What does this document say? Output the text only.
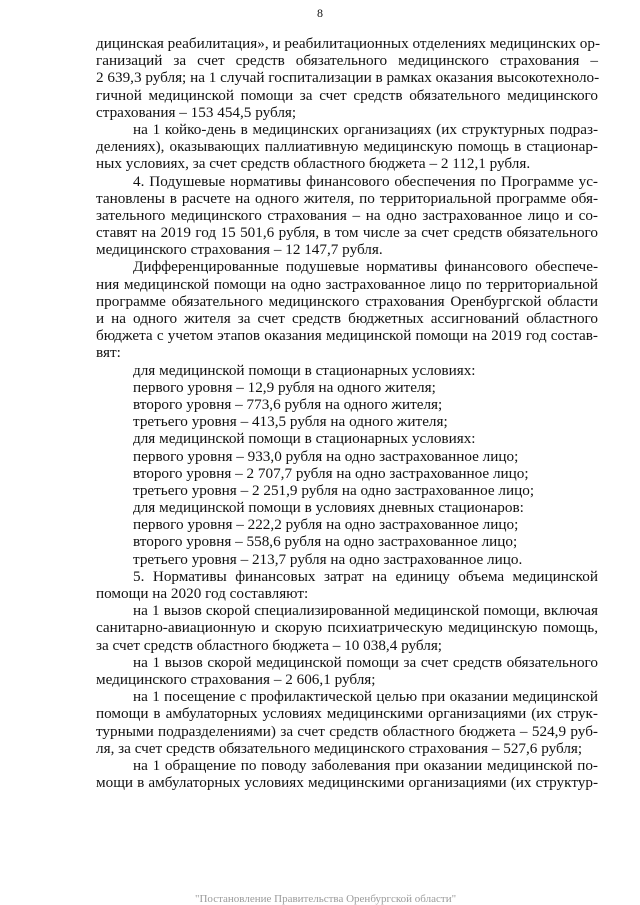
8
дицинская реабилитация», и реабилитационных отделениях медицинских ор-
ганизаций за счет средств обязательного медицинского страхования –
2 639,3 рубля; на 1 случай госпитализации в рамках оказания высокотехноло-
гичной медицинской помощи за счет средств обязательного медицинского
страхования – 153 454,5 рубля;
на 1 койко-день в медицинских организациях (их структурных подраз-
делениях), оказывающих паллиативную медицинскую помощь в стационар-
ных условиях, за счет средств областного бюджета – 2 112,1 рубля.
4. Подушевые нормативы финансового обеспечения по Программе ус-
тановлены в расчете на одного жителя, по территориальной программе обя-
зательного медицинского страхования – на одно застрахованное лицо и со-
ставят на 2019 год 15 501,6 рубля, в том числе за счет средств обязательного
медицинского страхования – 12 147,7 рубля.
Дифференцированные подушевые нормативы финансового обеспече-
ния медицинской помощи на одно застрахованное лицо по территориальной
программе обязательного медицинского страхования Оренбургской области
и на одного жителя за счет средств бюджетных ассигнований областного
бюджета с учетом этапов оказания медицинской помощи на 2019 год состав-
вят:
для медицинской помощи в стационарных условиях:
первого уровня – 12,9 рубля на одного жителя;
второго уровня – 773,6 рубля на одного жителя;
третьего уровня – 413,5 рубля на одного жителя;
для медицинской помощи в стационарных условиях:
первого уровня – 933,0 рубля на одно застрахованное лицо;
второго уровня – 2 707,7 рубля на одно застрахованное лицо;
третьего уровня – 2 251,9 рубля на одно застрахованное лицо;
для медицинской помощи в условиях дневных стационаров:
первого уровня – 222,2 рубля на одно застрахованное лицо;
второго уровня – 558,6 рубля на одно застрахованное лицо;
третьего уровня – 213,7 рубля на одно застрахованное лицо.
5. Нормативы финансовых затрат на единицу объема медицинской
помощи на 2020 год составляют:
на 1 вызов скорой специализированной медицинской помощи, включая
санитарно-авиационную и скорую психиатрическую медицинскую помощь,
за счет средств областного бюджета – 10 038,4 рубля;
на 1 вызов скорой медицинской помощи за счет средств обязательного
медицинского страхования – 2 606,1 рубля;
на 1 посещение с профилактической целью при оказании медицинской
помощи в амбулаторных условиях медицинскими организациями (их струк-
турными подразделениями) за счет средств областного бюджета – 524,9 руб-
ля, за счет средств обязательного медицинского страхования – 527,6 рубля;
на 1 обращение по поводу заболевания при оказании медицинской по-
мощи в амбулаторных условиях медицинскими организациями (их структур-
"Постановление Правительства Оренбургской области"
